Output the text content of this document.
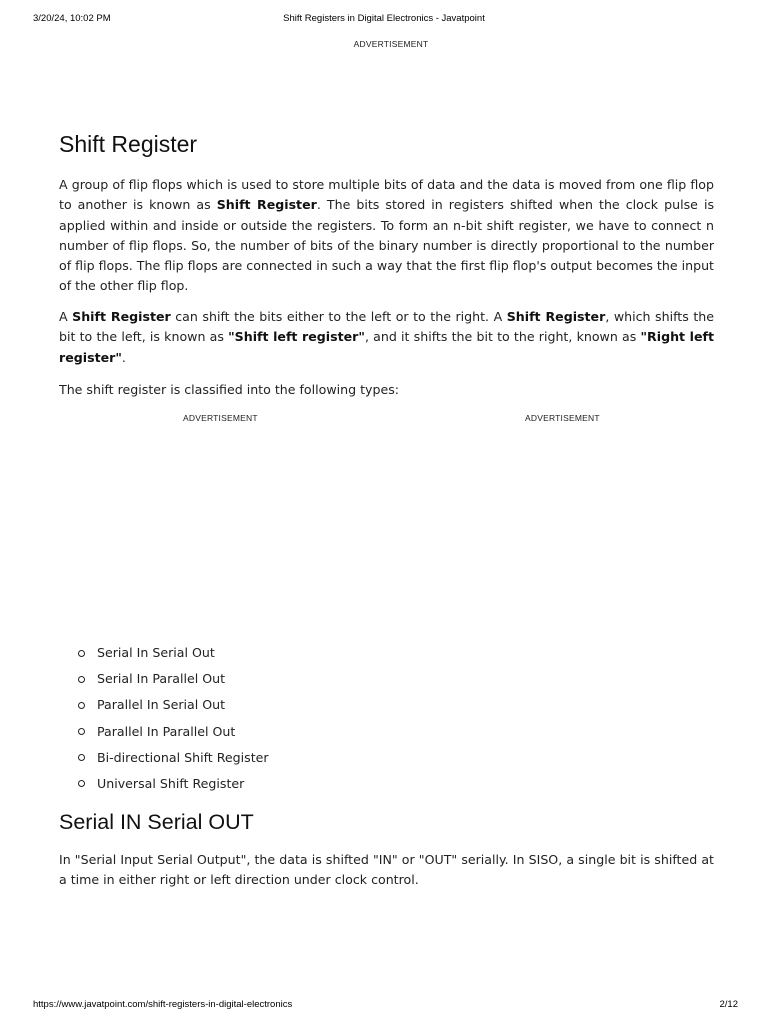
3/20/24, 10:02 PM	Shift Registers in Digital Electronics - Javatpoint
ADVERTISEMENT
Shift Register

A group of flip flops which is used to store multiple bits of data and the data is moved from one flip flop to another is known as Shift Register. The bits stored in registers shifted when the clock pulse is applied within and inside or outside the registers. To form an n-bit shift register, we have to connect n number of flip flops. So, the number of bits of the binary number is directly proportional to the number of flip flops. The flip flops are connected in such a way that the first flip flop's output becomes the input of the other flip flop.

A Shift Register can shift the bits either to the left or to the right. A Shift Register, which shifts the bit to the left, is known as "Shift left register", and it shifts the bit to the right, known as "Right left register".

The shift register is classified into the following types:

ADVERTISEMENT	ADVERTISEMENT
Serial In Serial Out
Serial In Parallel Out
Parallel In Serial Out
Parallel In Parallel Out
Bi-directional Shift Register
Universal Shift Register
Serial IN Serial OUT

In "Serial Input Serial Output", the data is shifted "IN" or "OUT" serially. In SISO, a single bit is shifted at a time in either right or left direction under clock control.

https://www.javatpoint.com/shift-registers-in-digital-electronics	2/12
